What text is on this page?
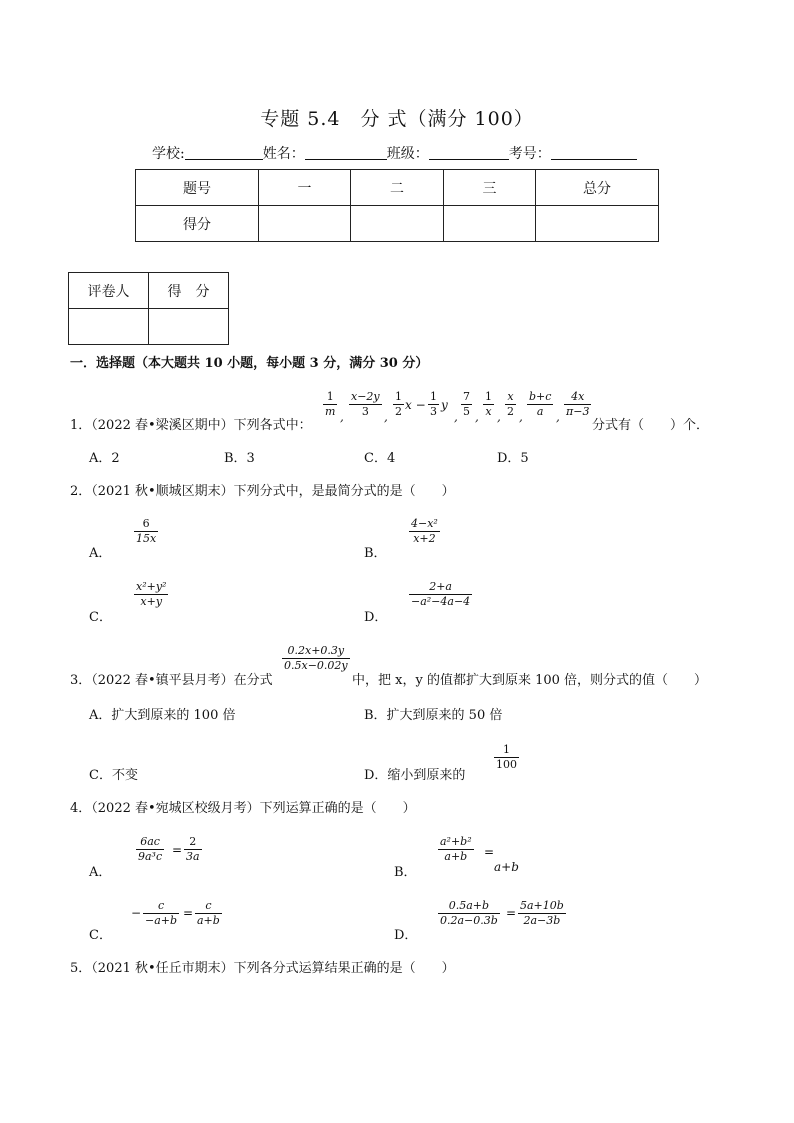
专题 5.4　分 式（满分 100）
学校:	姓名：	班级：	考号：
题号	一	二	三	总分
得分				
评卷人	得　分

一．选择题（本大题共 10 小题，每小题 3 分，满分 30 分）
1．（2022 春•梁溪区期中）下列各式中：
$\frac{1}{m}$ , $\frac{x-2y}{3}$ , $\frac{1}{2}$ $x - \frac{1}{3}$ y
, $\frac{7}{5}$ , $\frac{1}{x}$ , $\frac{x}{2}$ , $\frac{b+c}{a}$ , $\frac{4x}{\pi-3}$
分式有（　　）个．
A．2	B．3	C．4	D．5
2．（2021 秋•顺城区期末）下列分式中，是最简分式的是（　　）
A．
$\frac{6}{15x}$
B．
$\frac{\text{4−x²}}{x+2}$
C．
$\frac{\text{x²+y²}}{x+y}$
D．
$\frac{2+a}{\text{−a²−4a−4}}$
3．（2022 春•镇平县月考）在分式
$\frac{0.2x+0.3y}{0.5x-0.02y}$
中，把 x，y 的值都扩大到原来 100 倍，则分式的值（　　）
A．扩大到原来的 100 倍	B．扩大到原来的 50 倍
C．不变	D．缩小到原来的
$\frac{1}{100}$
4．（2022 春•宛城区校级月考）下列运算正确的是（　　）
A．
$\frac{6ac}{\text{9a³c}} = \frac{2}{3a}$
B．
$\frac{\text{a²+b²}}{a+b}$ =
a+b
C．
− $\frac{c}{-a+b} = \frac{c}{a+b}$
D．
$\frac{0.5a+b}{0.2a-0.3b} = \frac{5a+10b}{2a-3b}$
5．（2021 秋•任丘市期末）下列各分式运算结果正确的是（　　）
